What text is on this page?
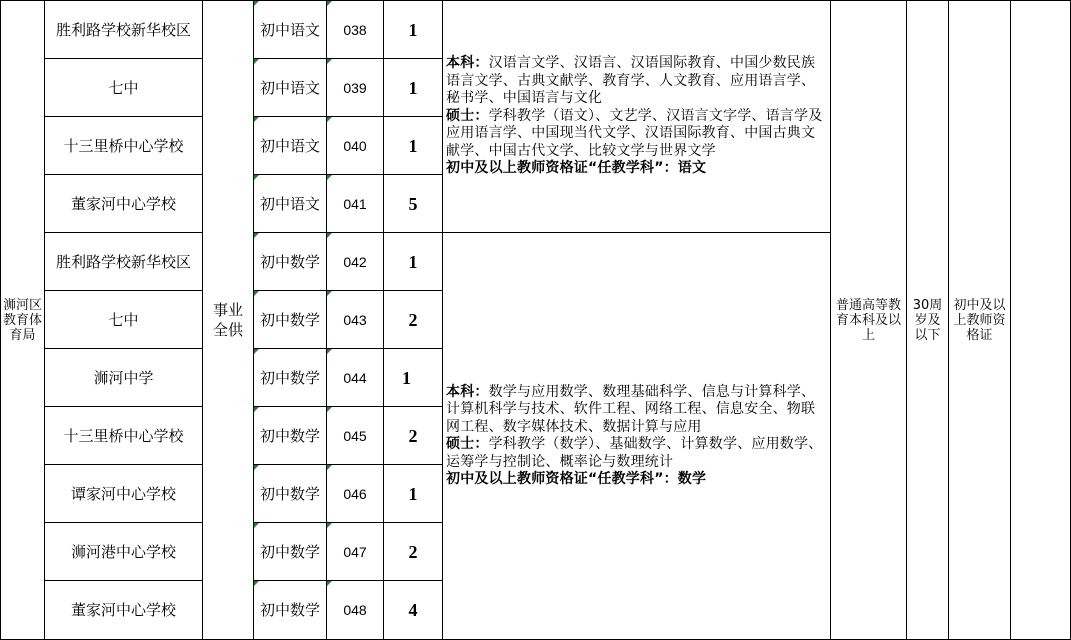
浉河区教育体育局
事业全供
胜利路学校新华校区	初中语文 038	1
七中	初中语文 039	1
十三里桥中心学校	初中语文 040	1
董家河中心学校	初中语文 041	5
胜利路学校新华校区	初中数学 042	1
七中	初中数学 043	2
浉河中学	初中数学 044	1
十三里桥中心学校	初中数学 045	2
谭家河中心学校	初中数学 046	1
浉河港中心学校	初中数学 047	2
董家河中心学校	初中数学 048	4
本科：汉语言文学、汉语言、汉语国际教育、中国少数民族语言文学、古典文献学、教育学、人文教育、应用语言学、秘书学、中国语言与文化
硕士：学科教学（语文）、文艺学、汉语言文字学、语言学及应用语言学、中国现当代文学、汉语国际教育、中国古典文献学、中国古代文学、比较文学与世界文学
初中及以上教师资格证“任教学科”：语文
本科：数学与应用数学、数理基础科学、信息与计算科学、计算机科学与技术、软件工程、网络工程、信息安全、物联网工程、数字媒体技术、数据计算与应用
硕士：学科教学（数学）、基础数学、计算数学、应用数学、运筹学与控制论、概率论与数理统计
初中及以上教师资格证“任教学科”：数学
普通高等教育本科及以上
30周岁及以下
初中及以上教师资格证
